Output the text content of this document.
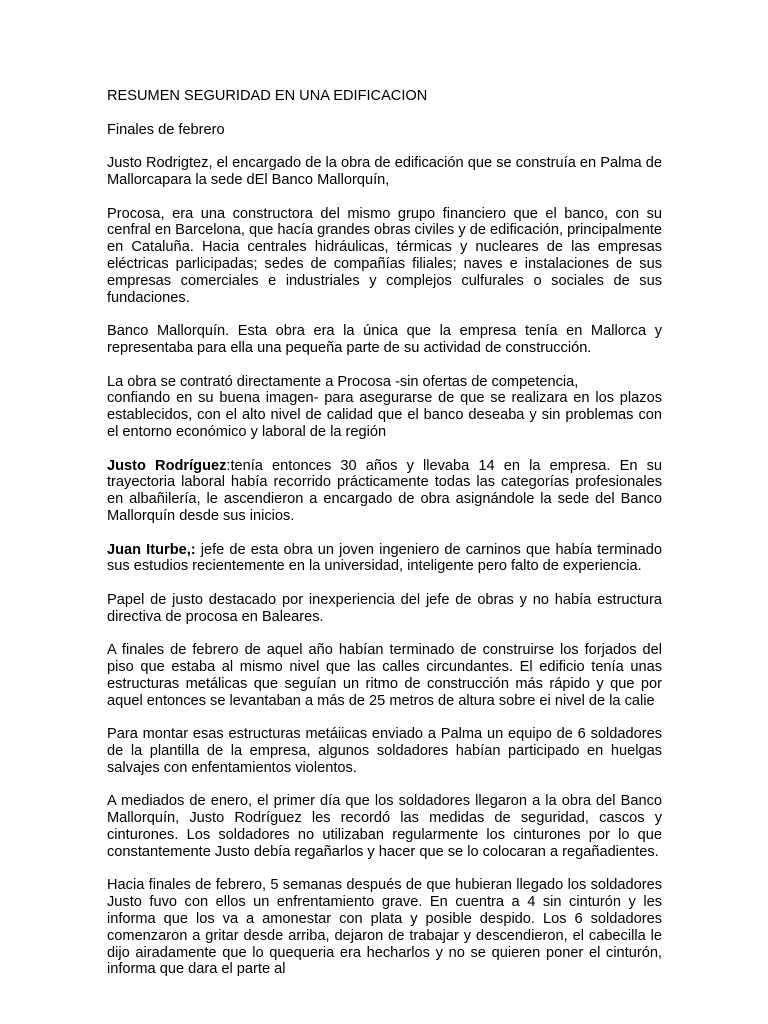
RESUMEN SEGURIDAD EN UNA EDIFICACION

Finales de febrero

Justo Rodrigtez, el encargado de la obra de edificación que se construía en Palma de Mallorcapara la sede dEl Banco Mallorquín,

Procosa, era una constructora del mismo grupo financiero que el banco, con su cenfral en Barcelona, que hacía grandes obras civiles y de edificación, principalmente en Cataluña. Hacia centrales hidráulicas, térmicas y nucleares de las empresas eléctricas parlicipadas; sedes de compañías filiales; naves e instalaciones de sus empresas comerciales e industriales y complejos culfurales o sociales de sus fundaciones.

Banco Mallorquín. Esta obra era la única que la empresa tenía en Mallorca y representaba para ella una pequeña parte de su actividad de construcción.

La obra se contrató directamente a Procosa -sin ofertas de competencia,
confiando en su buena imagen- para asegurarse de que se realizara en los plazos establecidos, con el alto nivel de calidad que el banco deseaba y sin problemas con el entorno económico y laboral de la región

Justo Rodríguez:tenía entonces 30 años y llevaba 14 en la empresa. En su trayectoria laboral había recorrido prácticamente todas las categorías profesionales en albañilería, le ascendieron a encargado de obra asignándole la sede del Banco Mallorquín desde sus inicios.

Juan Iturbe,: jefe de esta obra un joven ingeniero de carninos que había terminado sus estudios recientemente en la universidad, inteligente pero falto de experiencia.

Papel de justo destacado por inexperiencia del jefe de obras y no había estructura directiva de procosa en Baleares.

A finales de febrero de aquel año habían terminado de construirse los forjados del piso que estaba al mismo nivel que las calles circundantes. El edificio tenía unas estructuras metálicas que seguían un ritmo de construcción más rápido y que por aquel entonces se levantaban a más de 25 metros de altura sobre ei nivel de la calie

Para montar esas estructuras metáiicas enviado a Palma un equipo de 6 soldadores de la plantilla de la empresa, algunos soldadores habían participado en huelgas salvajes con enfentamientos violentos.

A mediados de enero, el primer día que los soldadores llegaron a la obra del Banco Mallorquín, Justo Rodríguez les recordó las medidas de seguridad, cascos y cinturones. Los soldadores no utilizaban regularmente los cinturones por lo que constantemente Justo debía regañarlos y hacer que se lo colocaran a regañadientes.

Hacia finales de febrero, 5 semanas después de que hubieran llegado los soldadores Justo fuvo con ellos un enfrentamiento grave. En cuentra a 4 sin cinturón y les informa que los va a amonestar con plata y posible despido. Los 6 soldadores comenzaron a gritar desde arriba, dejaron de trabajar y descendieron, el cabecilla le dijo airadamente que lo quequeria era hecharlos y no se quieren poner el cinturón, informa que dara el parte al
